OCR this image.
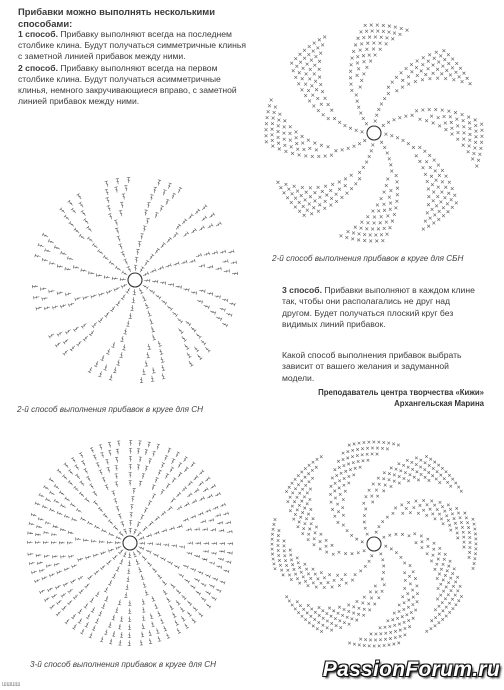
Прибавки можно выполнять несколькими способами:
1 способ. Прибавку выполняют всегда на последнем столбике клина. Будут получаться симметричные клинья с заметной линией прибавок между ними.
2 способ. Прибавку выполняют всегда на первом столбике клина. Будут получаться асимметричные клинья, немного закручивающиеся вправо, с заметной линией прибавок между ними.
2-й способ выполнения прибавок в круге для СБН
2-й способ выполнения прибавок в круге для СН
3 способ. Прибавки выполняют в каждом клине так, чтобы они располагались не друг над другом. Будет получаться плоский круг без видимых линий прибавок.
Какой способ выполнения прибавок выбрать зависит от вашего желания и задуманной модели.
Преподаватель центра творчества «Кижи»
Архангельская Марина
3-й способ выполнения прибавок в круге для СН
ШШШШ
PassionForum.ru
